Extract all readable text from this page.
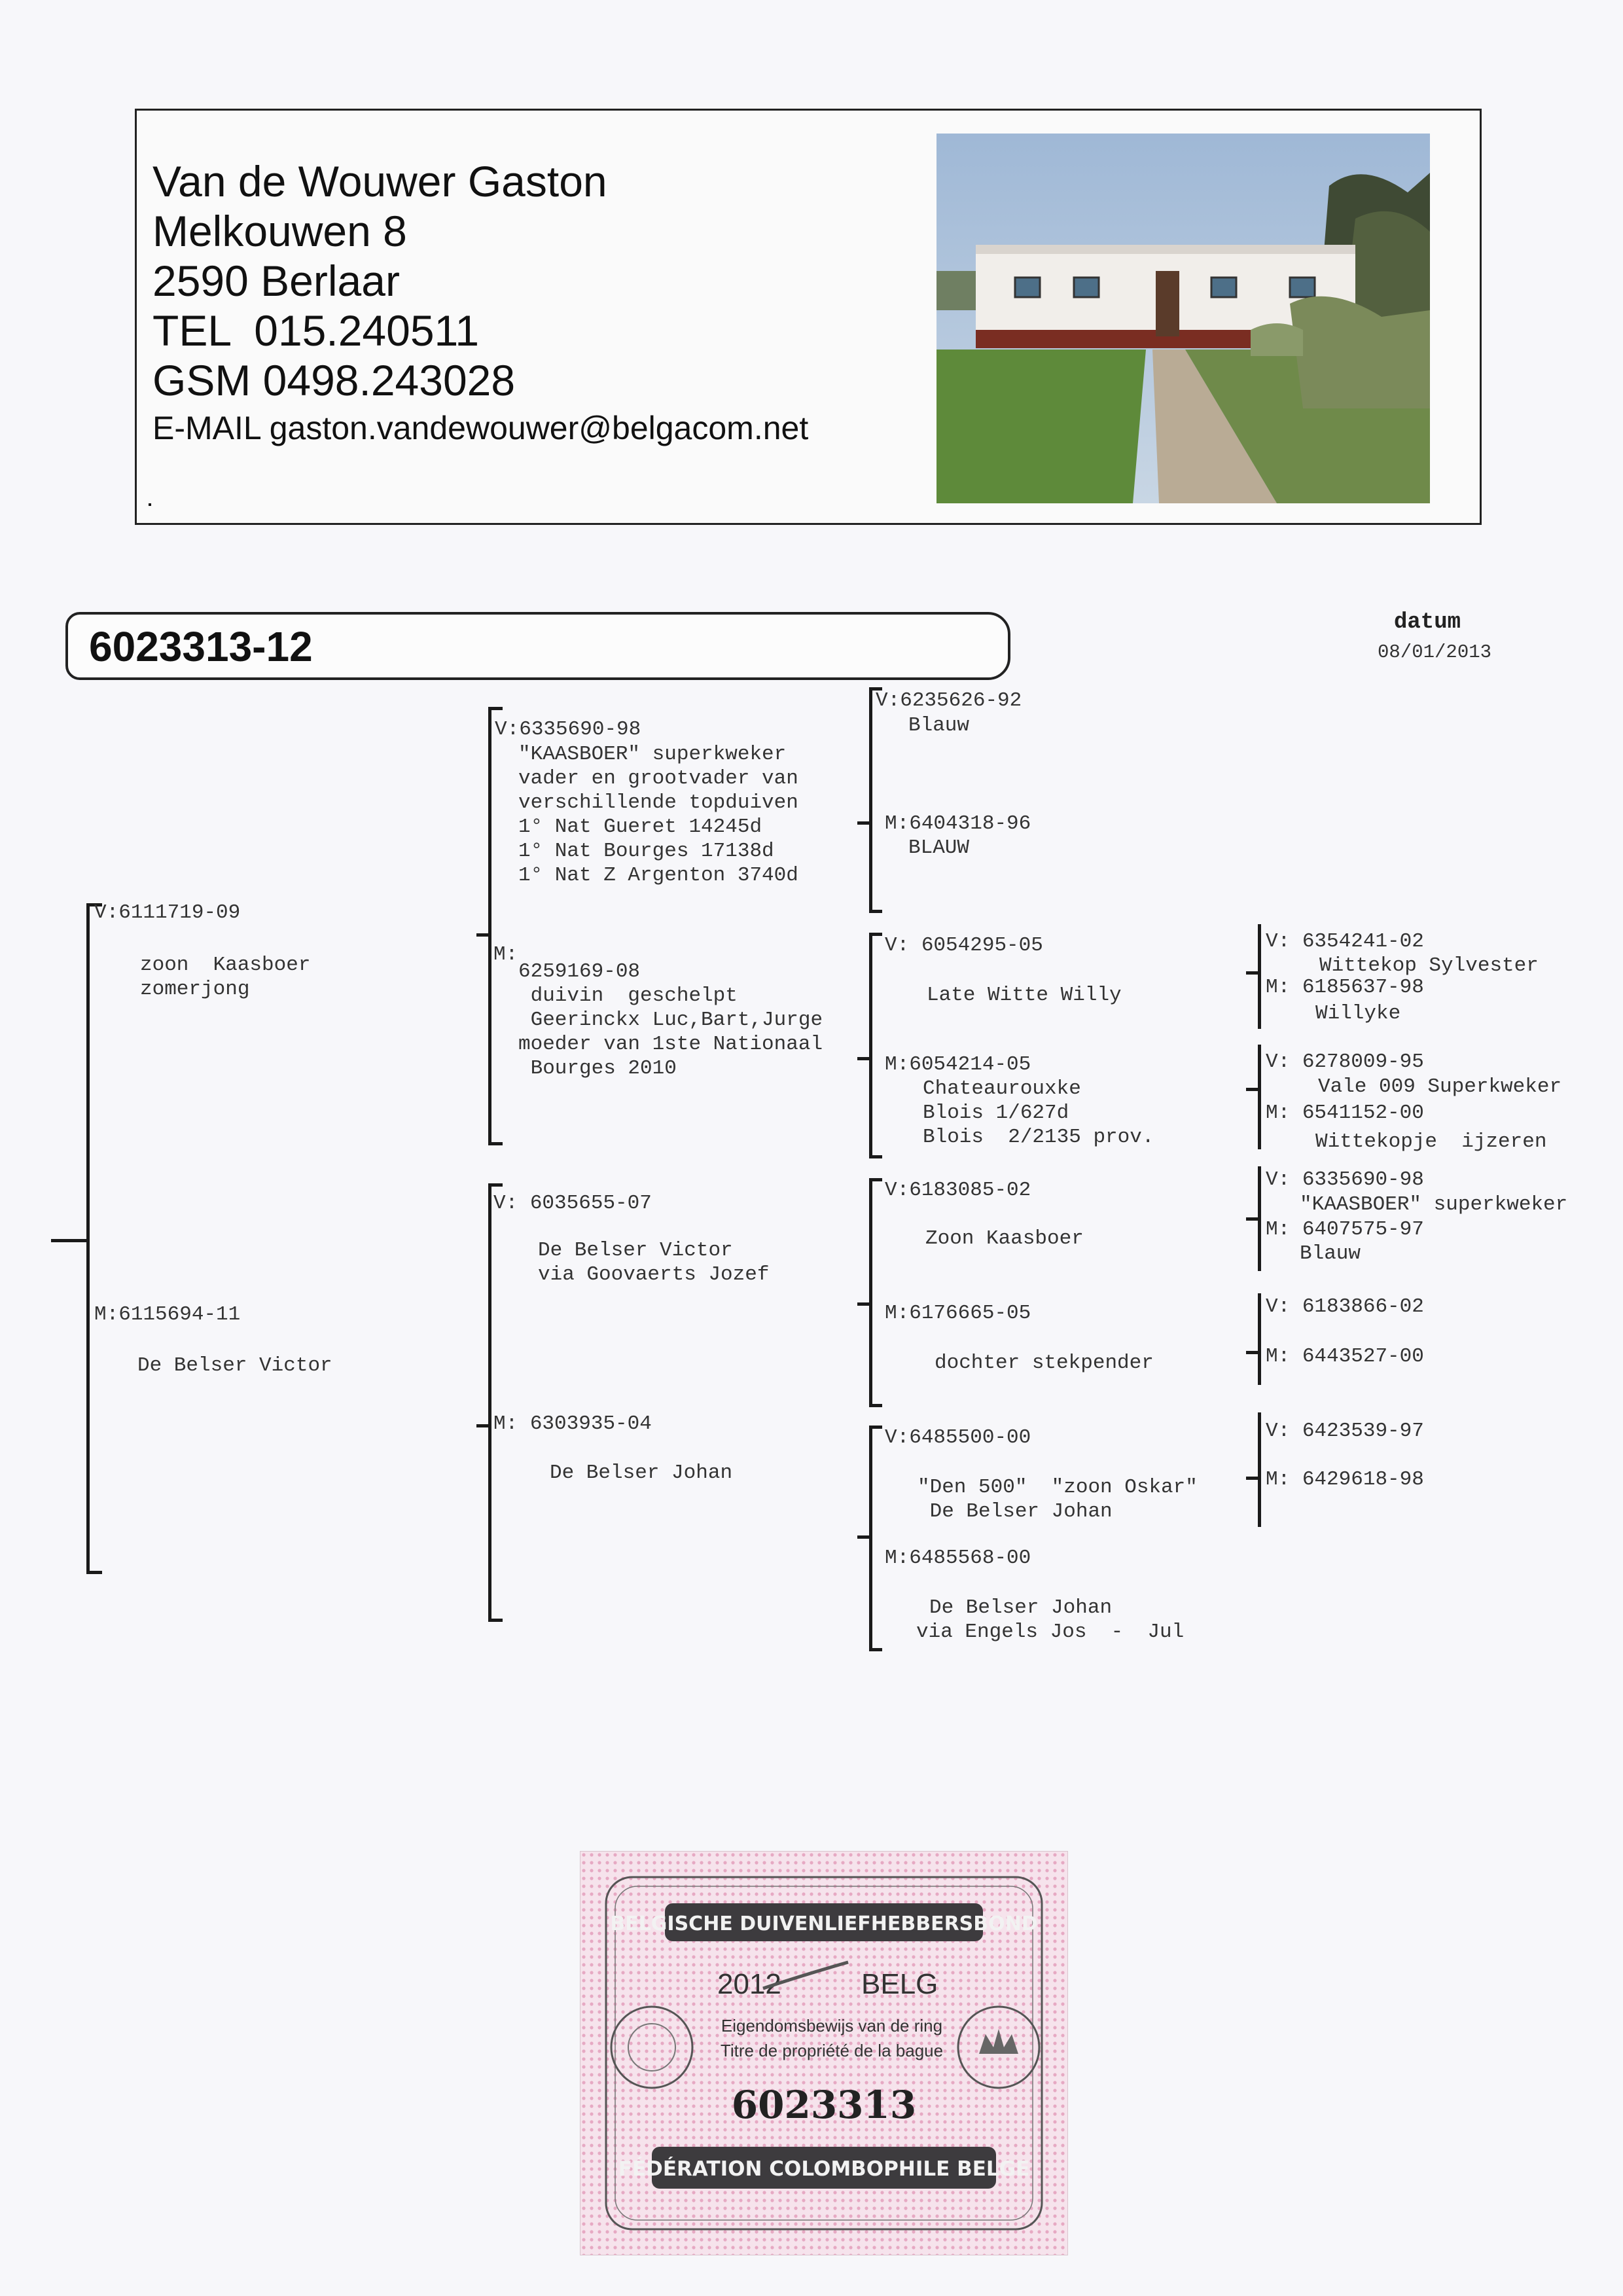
Van de Wouwer Gaston
Melkouwen 8
2590 Berlaar
TEL  015.240511
GSM 0498.243028
E-MAIL gaston.vandewouwer@belgacom.net
6023313-12
datum
08/01/2013
V:6111719-09
zoon  Kaasboer
zomerjong
M:6115694-11
De Belser Victor
V:6335690-98
"KAASBOER" superkweker
vader en grootvader van
verschillende topduiven
1° Nat Gueret 14245d
1° Nat Bourges 17138d
1° Nat Z Argenton 3740d
M:
6259169-08
duivin  geschelpt
Geerinckx Luc,Bart,Jurge
moeder van 1ste Nationaal
Bourges 2010
V: 6035655-07
De Belser Victor
via Goovaerts Jozef
M: 6303935-04
De Belser Johan
V:6235626-92
Blauw
M:6404318-96
BLAUW
V: 6054295-05
Late Witte Willy
M:6054214-05
Chateaurouxke
Blois 1/627d
Blois  2/2135 prov.
V:6183085-02
Zoon Kaasboer
M:6176665-05
dochter stekpender
V:6485500-00
"Den 500"  "zoon Oskar"
De Belser Johan
M:6485568-00
De Belser Johan
via Engels Jos  -  Jul
V: 6354241-02
Wittekop Sylvester
M: 6185637-98
Willyke
V: 6278009-95
Vale 009 Superkweker
M: 6541152-00
Wittekopje  ijzeren
V: 6335690-98
"KAASBOER" superkweker
M: 6407575-97
Blauw
V: 6183866-02
M: 6443527-00
V: 6423539-97
M: 6429618-98
BELGISCHE DUIVENLIEFHEBBERSBOND
2012	BELG
Eigendomsbewijs van de ring
Titre de propriété de la bague
6023313
FÉDÉRATION COLOMBOPHILE BELGE
